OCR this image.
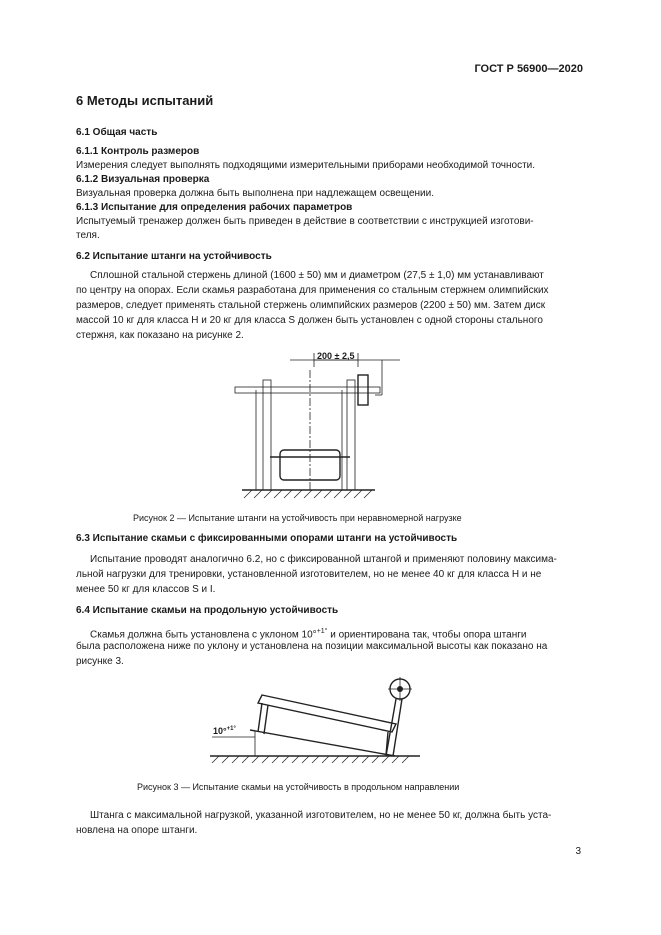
ГОСТ Р 56900—2020
6 Методы испытаний
6.1 Общая часть
6.1.1 Контроль размеров
Измерения следует выполнять подходящими измерительными приборами необходимой точности.
6.1.2 Визуальная проверка
Визуальная проверка должна быть выполнена при надлежащем освещении.
6.1.3 Испытание для определения рабочих параметров
Испытуемый тренажер должен быть приведен в действие в соответствии с инструкцией изготови-
теля.
6.2 Испытание штанги на устойчивость
Сплошной стальной стержень длиной (1600 ± 50) мм и диаметром (27,5 ± 1,0) мм устанавливают
по центру на опорах. Если скамья разработана для применения со стальным стержнем олимпийских
размеров, следует применять стальной стержень олимпийских размеров (2200 ± 50) мм. Затем диск
массой 10 кг для класса Н и 20 кг для класса S должен быть установлен с одной стороны стального
стержня, как показано на рисунке 2.
200 ± 2,5
Рисунок 2 — Испытание штанги на устойчивость при неравномерной нагрузке
6.3 Испытание скамьи с фиксированными опорами штанги на устойчивость
Испытание проводят аналогично 6.2, но с фиксированной штангой и применяют половину максима-
льной нагрузки для тренировки, установленной изготовителем, но не менее 40 кг для класса Н и не
менее 50 кг для классов S и I.
6.4 Испытание скамьи на продольную устойчивость
Скамья должна быть установлена с уклоном 10°$^{+1^\circ}$ и ориентирована так, чтобы опора штанги
была расположена ниже по уклону и установлена на позиции максимальной высоты как показано на
рисунке 3.
10°$^{+1^\circ}$
Рисунок 3 — Испытание скамьи на устойчивость в продольном направлении
Штанга с максимальной нагрузкой, указанной изготовителем, но не менее 50 кг, должна быть уста-
новлена на опоре штанги.
3
